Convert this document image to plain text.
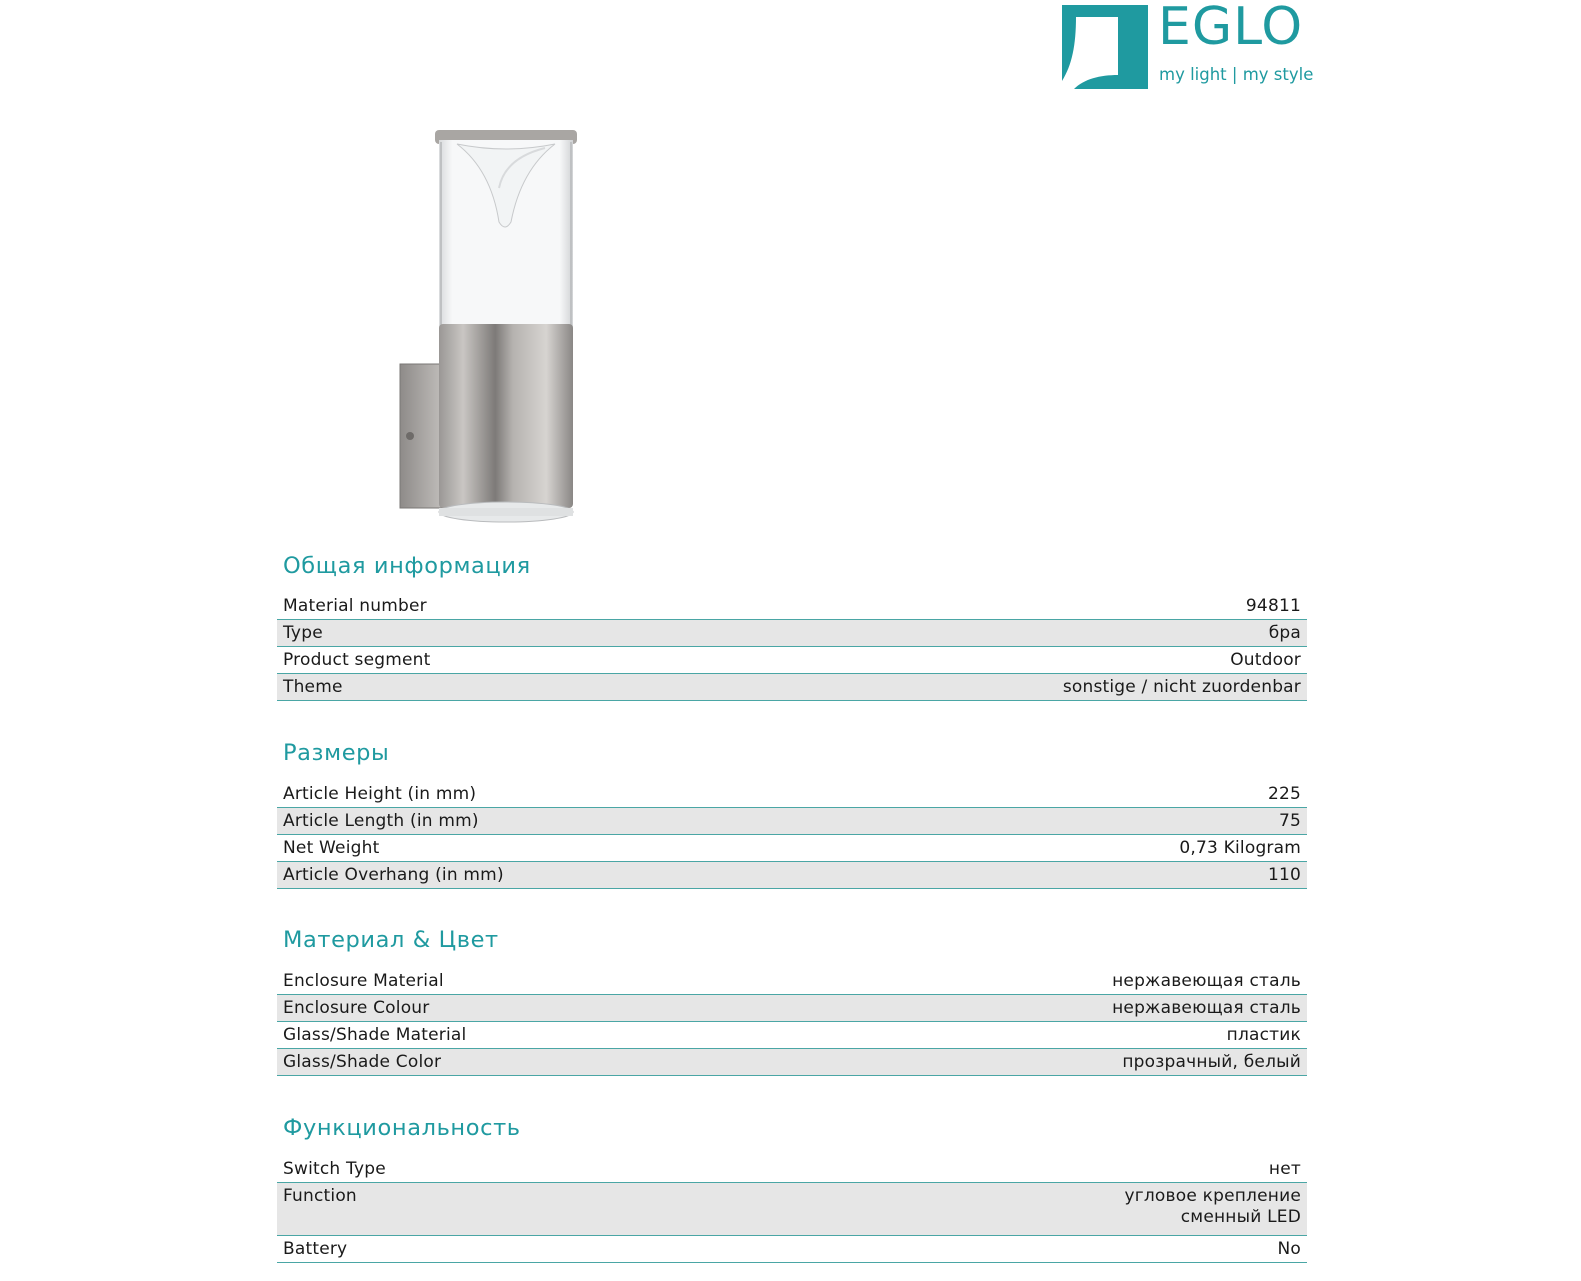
EGLO
my light | my style
Общая информация
Material number	94811
Type	бра
Product segment	Outdoor
Theme	sonstige / nicht zuordenbar
Размеры
Article Height (in mm)	225
Article Length (in mm)	75
Net Weight	0,73 Kilogram
Article Overhang (in mm)	110
Материал & Цвет
Enclosure Material	нержавеющая сталь
Enclosure Colour	нержавеющая сталь
Glass/Shade Material	пластик
Glass/Shade Color	прозрачный, белый
Функциональность
Switch Type	нет
Function	угловое крепление
сменный LED
Battery	No
